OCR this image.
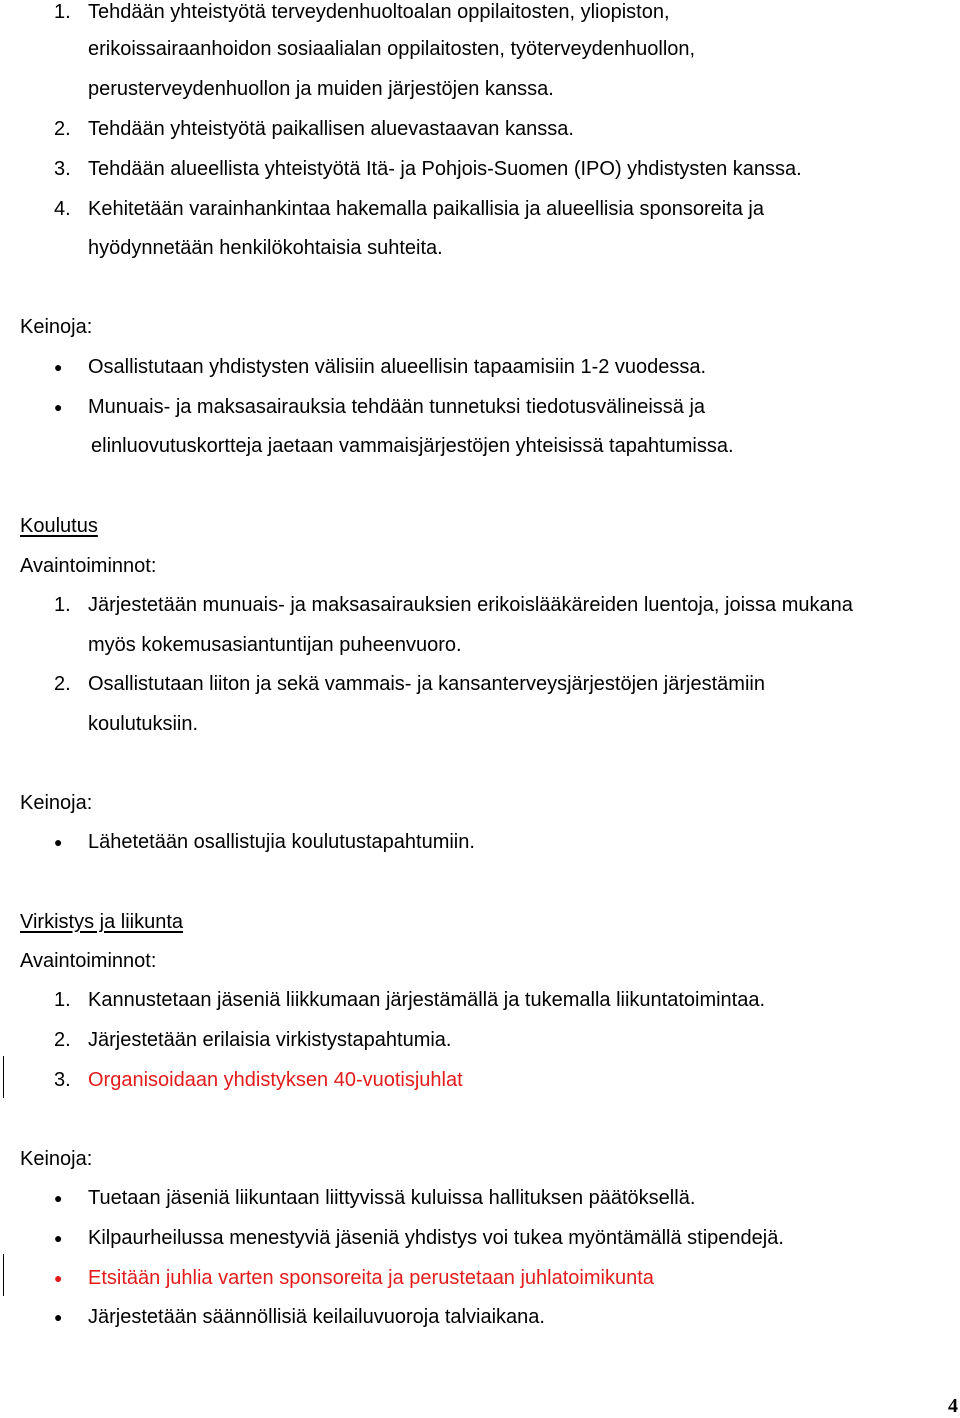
1. Tehdään yhteistyötä terveydenhuoltoalan oppilaitosten, yliopiston,
erikoissairaanhoidon sosiaalialan oppilaitosten, työterveydenhuollon,
perusterveydenhuollon ja muiden järjestöjen kanssa.
2. Tehdään yhteistyötä paikallisen aluevastaavan kanssa.
3. Tehdään alueellista yhteistyötä Itä- ja Pohjois-Suomen (IPO) yhdistysten kanssa.
4. Kehitetään varainhankintaa hakemalla paikallisia ja alueellisia sponsoreita ja
hyödynnetään henkilökohtaisia suhteita.
Keinoja:
● Osallistutaan yhdistysten välisiin alueellisin tapaamisiin 1-2 vuodessa.
● Munuais- ja maksasairauksia tehdään tunnetuksi tiedotusvälineissä ja
elinluovutuskortteja jaetaan vammaisjärjestöjen yhteisissä tapahtumissa.
Koulutus
Avaintoiminnot:
1. Järjestetään munuais- ja maksasairauksien erikoislääkäreiden luentoja, joissa mukana
myös kokemusasiantuntijan puheenvuoro.
2. Osallistutaan liiton ja sekä vammais- ja kansanterveysjärjestöjen järjestämiin
koulutuksiin.
Keinoja:
● Lähetetään osallistujia koulutustapahtumiin.
Virkistys ja liikunta
Avaintoiminnot:
1. Kannustetaan jäseniä liikkumaan järjestämällä ja tukemalla liikuntatoimintaa.
2. Järjestetään erilaisia virkistystapahtumia.
3. Organisoidaan yhdistyksen 40-vuotisjuhlat
Keinoja:
● Tuetaan jäseniä liikuntaan liittyvissä kuluissa hallituksen päätöksellä.
● Kilpaurheilussa menestyviä jäseniä yhdistys voi tukea myöntämällä stipendejä.
● Etsitään juhlia varten sponsoreita ja perustetaan juhlatoimikunta
● Järjestetään säännöllisiä keilailuvuoroja talviaikana.
4
